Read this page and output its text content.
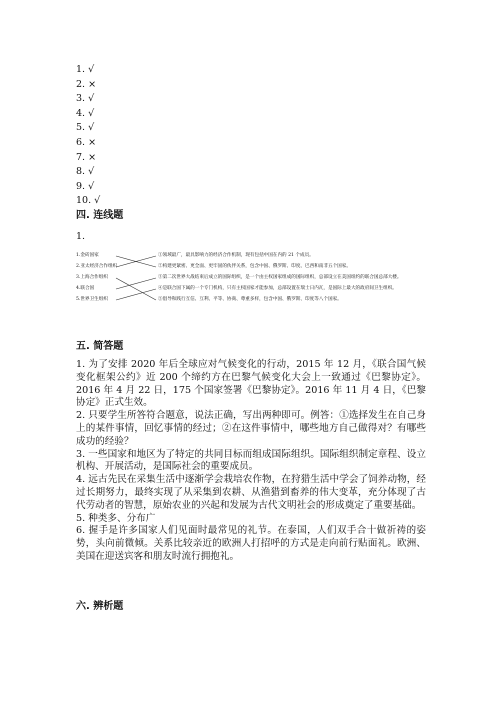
1. √
2. ×
3. √
4. √
5. √
6. ×
7. ×
8. √
9. √
10. √
四. 连线题
1.
1.金砖国家
2.亚太经济合作组织
3.上海合作组织
4.联合国
5.世界卫生组织
①领域最广，最具影响力的经济合作机制，现有包括中国在内的 21 个成员。
②构建更紧密、更全面、更牢固的伙伴关系，包含中国、俄罗斯、印度、巴西和南非五个国家。
③第二次世界大战结束后成立的国际组织，是一个由主权国家组成的国际组织，总部设立在美国纽约的联合国总部大楼。
④是联合国下属的一个专门机构，只有主权国家才能参加，总部设置在瑞士日内瓦，是国际上最大的政府间卫生组织。
⑤倡导和践行互信、互利、平等、协商、尊重多样，包含中国、俄罗斯、印度等八个国家。
五. 简答题

1. 为了安排 2020 年后全球应对气候变化的行动，2015 年 12 月，《联合国气候变化框架公约》近 200 个缔约方在巴黎气候变化大会上一致通过《巴黎协定》。2016 年 4 月 22 日，175 个国家签署《巴黎协定》。2016 年 11 月 4 日，《巴黎协定》正式生效。

2. 只要学生所答符合题意，说法正确，写出两种即可。例答：①选择发生在自己身上的某件事情，回忆事情的经过；②在这件事情中，哪些地方自己做得对？有哪些成功的经验？

3. 一些国家和地区为了特定的共同目标而组成国际组织。国际组织制定章程、设立机构、开展活动，是国际社会的重要成员。

4. 远古先民在采集生活中逐渐学会栽培农作物，在狩猎生活中学会了饲养动物，经过长期努力，最终实现了从采集到农耕、从渔猎到畜养的伟大变革，充分体现了古代劳动者的智慧，原始农业的兴起和发展为古代文明社会的形成奠定了重要基础。

5. 种类多、分布广

6. 握手是许多国家人们见面时最常见的礼节。在泰国，人们双手合十做祈祷的姿势，头向前微倾。关系比较亲近的欧洲人打招呼的方式是走向前行贴面礼。欧洲、美国在迎送宾客和朋友时流行拥抱礼。

六. 辨析题
